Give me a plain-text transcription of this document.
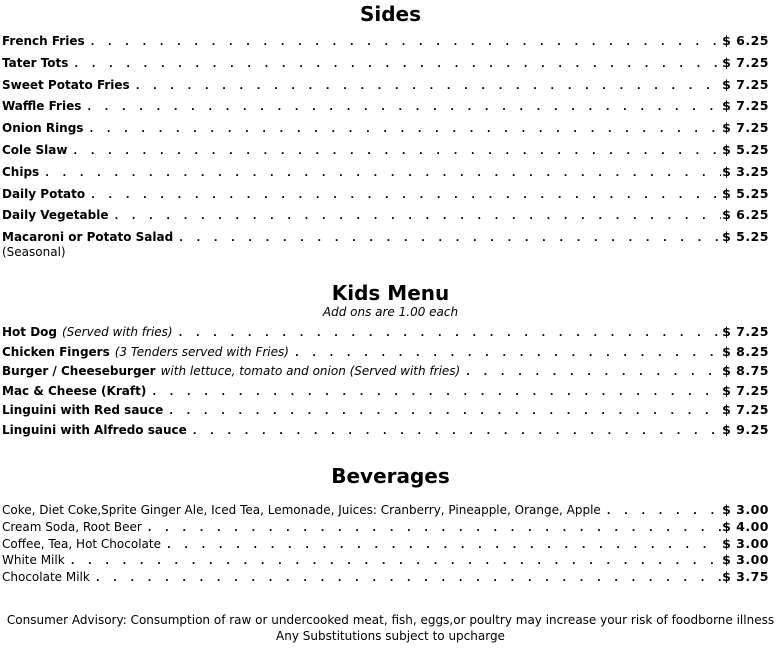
Sides
French Fries . . .	$ 6.25
Tater Tots . . .	$ 7.25
Sweet Potato Fries . . .	$ 7.25
Waffle Fries . . .	$ 7.25
Onion Rings . . .	$ 7.25
Cole Slaw . . .	$ 5.25
Chips . . .	$ 3.25
Daily Potato . . .	$ 5.25
Daily Vegetable . . .	$ 6.25
Macaroni or Potato Salad . . .	$ 5.25
(Seasonal)
Kids Menu
Add ons are 1.00 each
Hot Dog (Served with fries) . . .	$ 7.25
Chicken Fingers (3 Tenders served with Fries) . . .	$ 8.25
Burger / Cheeseburger with lettuce, tomato and onion (Served with fries) . . .	$ 8.75
Mac & Cheese (Kraft) . . .	$ 7.25
Linguini with Red sauce . . .	$ 7.25
Linguini with Alfredo sauce . . .	$ 9.25
Beverages
Coke, Diet Coke,Sprite Ginger Ale, Iced Tea, Lemonade, Juices: Cranberry, Pineapple, Orange, Apple . . .	$ 3.00
Cream Soda, Root Beer . . .	$ 4.00
Coffee, Tea, Hot Chocolate . . .	$ 3.00
White Milk . . .	$ 3.00
Chocolate Milk . . .	$ 3.75
Consumer Advisory: Consumption of raw or undercooked meat, fish, eggs,or poultry may increase your risk of foodborne illness
Any Substitutions subject to upcharge
